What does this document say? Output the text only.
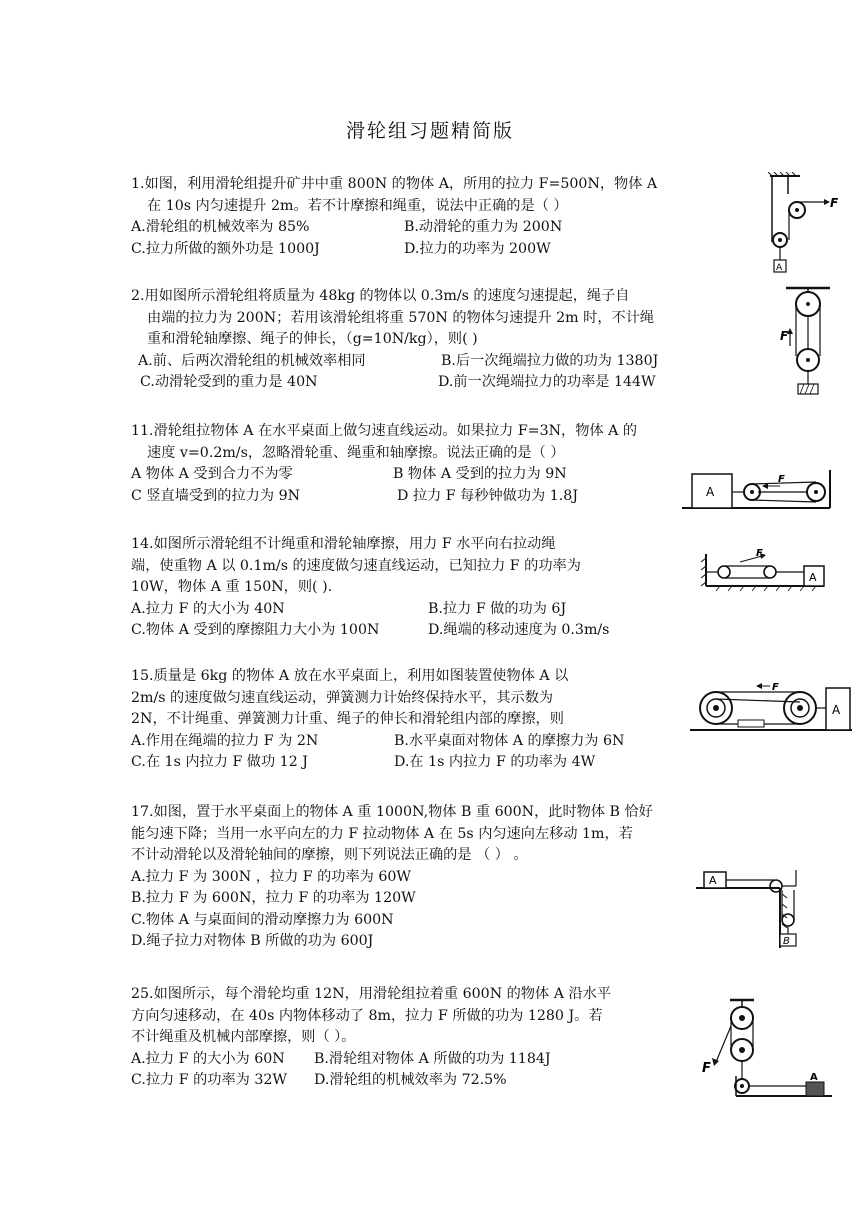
滑轮组习题精简版
1.如图，利用滑轮组提升矿井中重 800N 的物体 A，所用的拉力 F=500N，物体 A
在 10s 内匀速提升 2m。若不计摩擦和绳重，说法中正确的是（ ）
A.滑轮组的机械效率为 85%	B.动滑轮的重力为 200N
C.拉力所做的额外功是 1000J	D.拉力的功率为 200W
F
A
2.用如图所示滑轮组将质量为 48kg 的物体以 0.3m/s 的速度匀速提起，绳子自
由端的拉力为 200N；若用该滑轮组将重 570N 的物体匀速提升 2m 时，不计绳
重和滑轮轴摩擦、绳子的伸长，（g=10N/kg），则( )
A.前、后两次滑轮组的机械效率相同	B.后一次绳端拉力做的功为 1380J
C.动滑轮受到的重力是 40N	D.前一次绳端拉力的功率是 144W
F
11.滑轮组拉物体 A 在水平桌面上做匀速直线运动。如果拉力 F=3N，物体 A 的
速度 v=0.2m/s，忽略滑轮重、绳重和轴摩擦。说法正确的是（ ）
A 物体 A 受到合力不为零	B 物体 A 受到的拉力为 9N
C 竖直墙受到的拉力为 9N	D 拉力 F 每秒钟做功为 1.8J	A
F
14.如图所示滑轮组不计绳重和滑轮轴摩擦，用力 F 水平向右拉动绳
端，使重物 A 以 0.1m/s 的速度做匀速直线运动，已知拉力 F 的功率为
10W，物体 A 重 150N，则( ).
A.拉力 F 的大小为 40N	B.拉力 F 做的功为 6J
C.物体 A 受到的摩擦阻力大小为 100N	D.绳端的移动速度为 0.3m/s
F
A
15.质量是 6kg 的物体 A 放在水平桌面上，利用如图装置使物体 A 以
2m/s 的速度做匀速直线运动，弹簧测力计始终保持水平，其示数为
2N，不计绳重、弹簧测力计重、绳子的伸长和滑轮组内部的摩擦，则
A.作用在绳端的拉力 F 为 2N	B.水平桌面对物体 A 的摩擦力为 6N
C.在 1s 内拉力 F 做功 12 J	D.在 1s 内拉力 F 的功率为 4W
F
A
17.如图，置于水平桌面上的物体 A 重 1000N,物体 B 重 600N，此时物体 B 恰好
能匀速下降；当用一水平向左的力 F 拉动物体 A 在 5s 内匀速向左移动 1m，若
不计动滑轮以及滑轮轴间的摩擦，则下列说法正确的是 （ ） 。
A.拉力 F 为 300N ，拉力 F 的功率为 60W
B.拉力 F 为 600N，拉力 F 的功率为 120W
C.物体 A 与桌面间的滑动摩擦力为 600N
D.绳子拉力对物体 B 所做的功为 600J
A
B
25.如图所示，每个滑轮均重 12N，用滑轮组拉着重 600N 的物体 A 沿水平
方向匀速移动，在 40s 内物体移动了 8m，拉力 F 所做的功为 1280 J。若
不计绳重及机械内部摩擦，则（ ）。
A.拉力 F 的大小为 60N B.滑轮组对物体 A 所做的功为 1184J
C.拉力 F 的功率为 32W D.滑轮组的机械效率为 72.5%
F
A
